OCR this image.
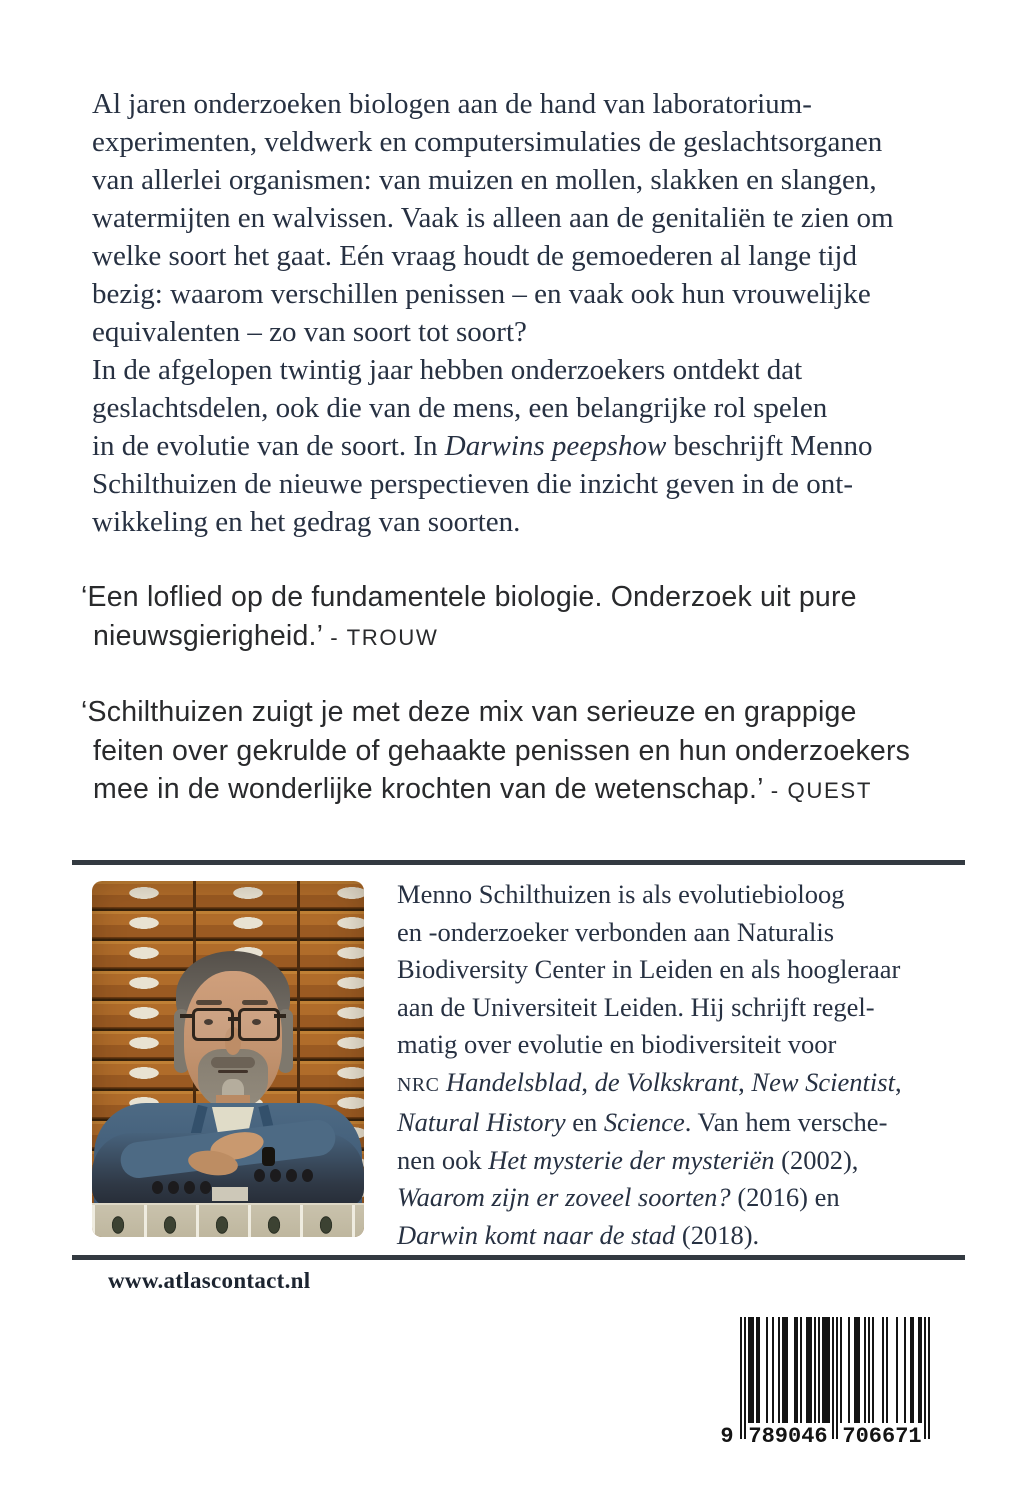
Al jaren onderzoeken biologen aan de hand van laboratorium-
experimenten, veldwerk en computersimulaties de geslachtsorganen
van allerlei organismen: van muizen en mollen, slakken en slangen,
watermijten en walvissen. Vaak is alleen aan de genitaliën te zien om
welke soort het gaat. Eén vraag houdt de gemoederen al lange tijd
bezig: waarom verschillen penissen – en vaak ook hun vrouwelijke
equivalenten – zo van soort tot soort?
In de afgelopen twintig jaar hebben onderzoekers ontdekt dat
geslachtsdelen, ook die van de mens, een belangrijke rol spelen
in de evolutie van de soort. In Darwins peepshow beschrijft Menno
Schilthuizen de nieuwe perspectieven die inzicht geven in de ont-
wikkeling en het gedrag van soorten.
‘Een loflied op de fundamentele biologie. Onderzoek uit pure
nieuwsgierigheid.’ - TROUW
‘Schilthuizen zuigt je met deze mix van serieuze en grappige
feiten over gekrulde of gehaakte penissen en hun onderzoekers
mee in de wonderlijke krochten van de wetenschap.’ - QUEST
Menno Schilthuizen is als evolutiebioloog
en -onderzoeker verbonden aan Naturalis
Biodiversity Center in Leiden en als hoogleraar
aan de Universiteit Leiden. Hij schrijft regel-
matig over evolutie en biodiversiteit voor
NRC Handelsblad, de Volkskrant, New Scientist,
Natural History en Science. Van hem versche-
nen ook Het mysterie der mysteriën (2002),
Waarom zijn er zoveel soorten? (2016) en
Darwin komt naar de stad (2018).
www.atlascontact.nl
9 789046 706671
